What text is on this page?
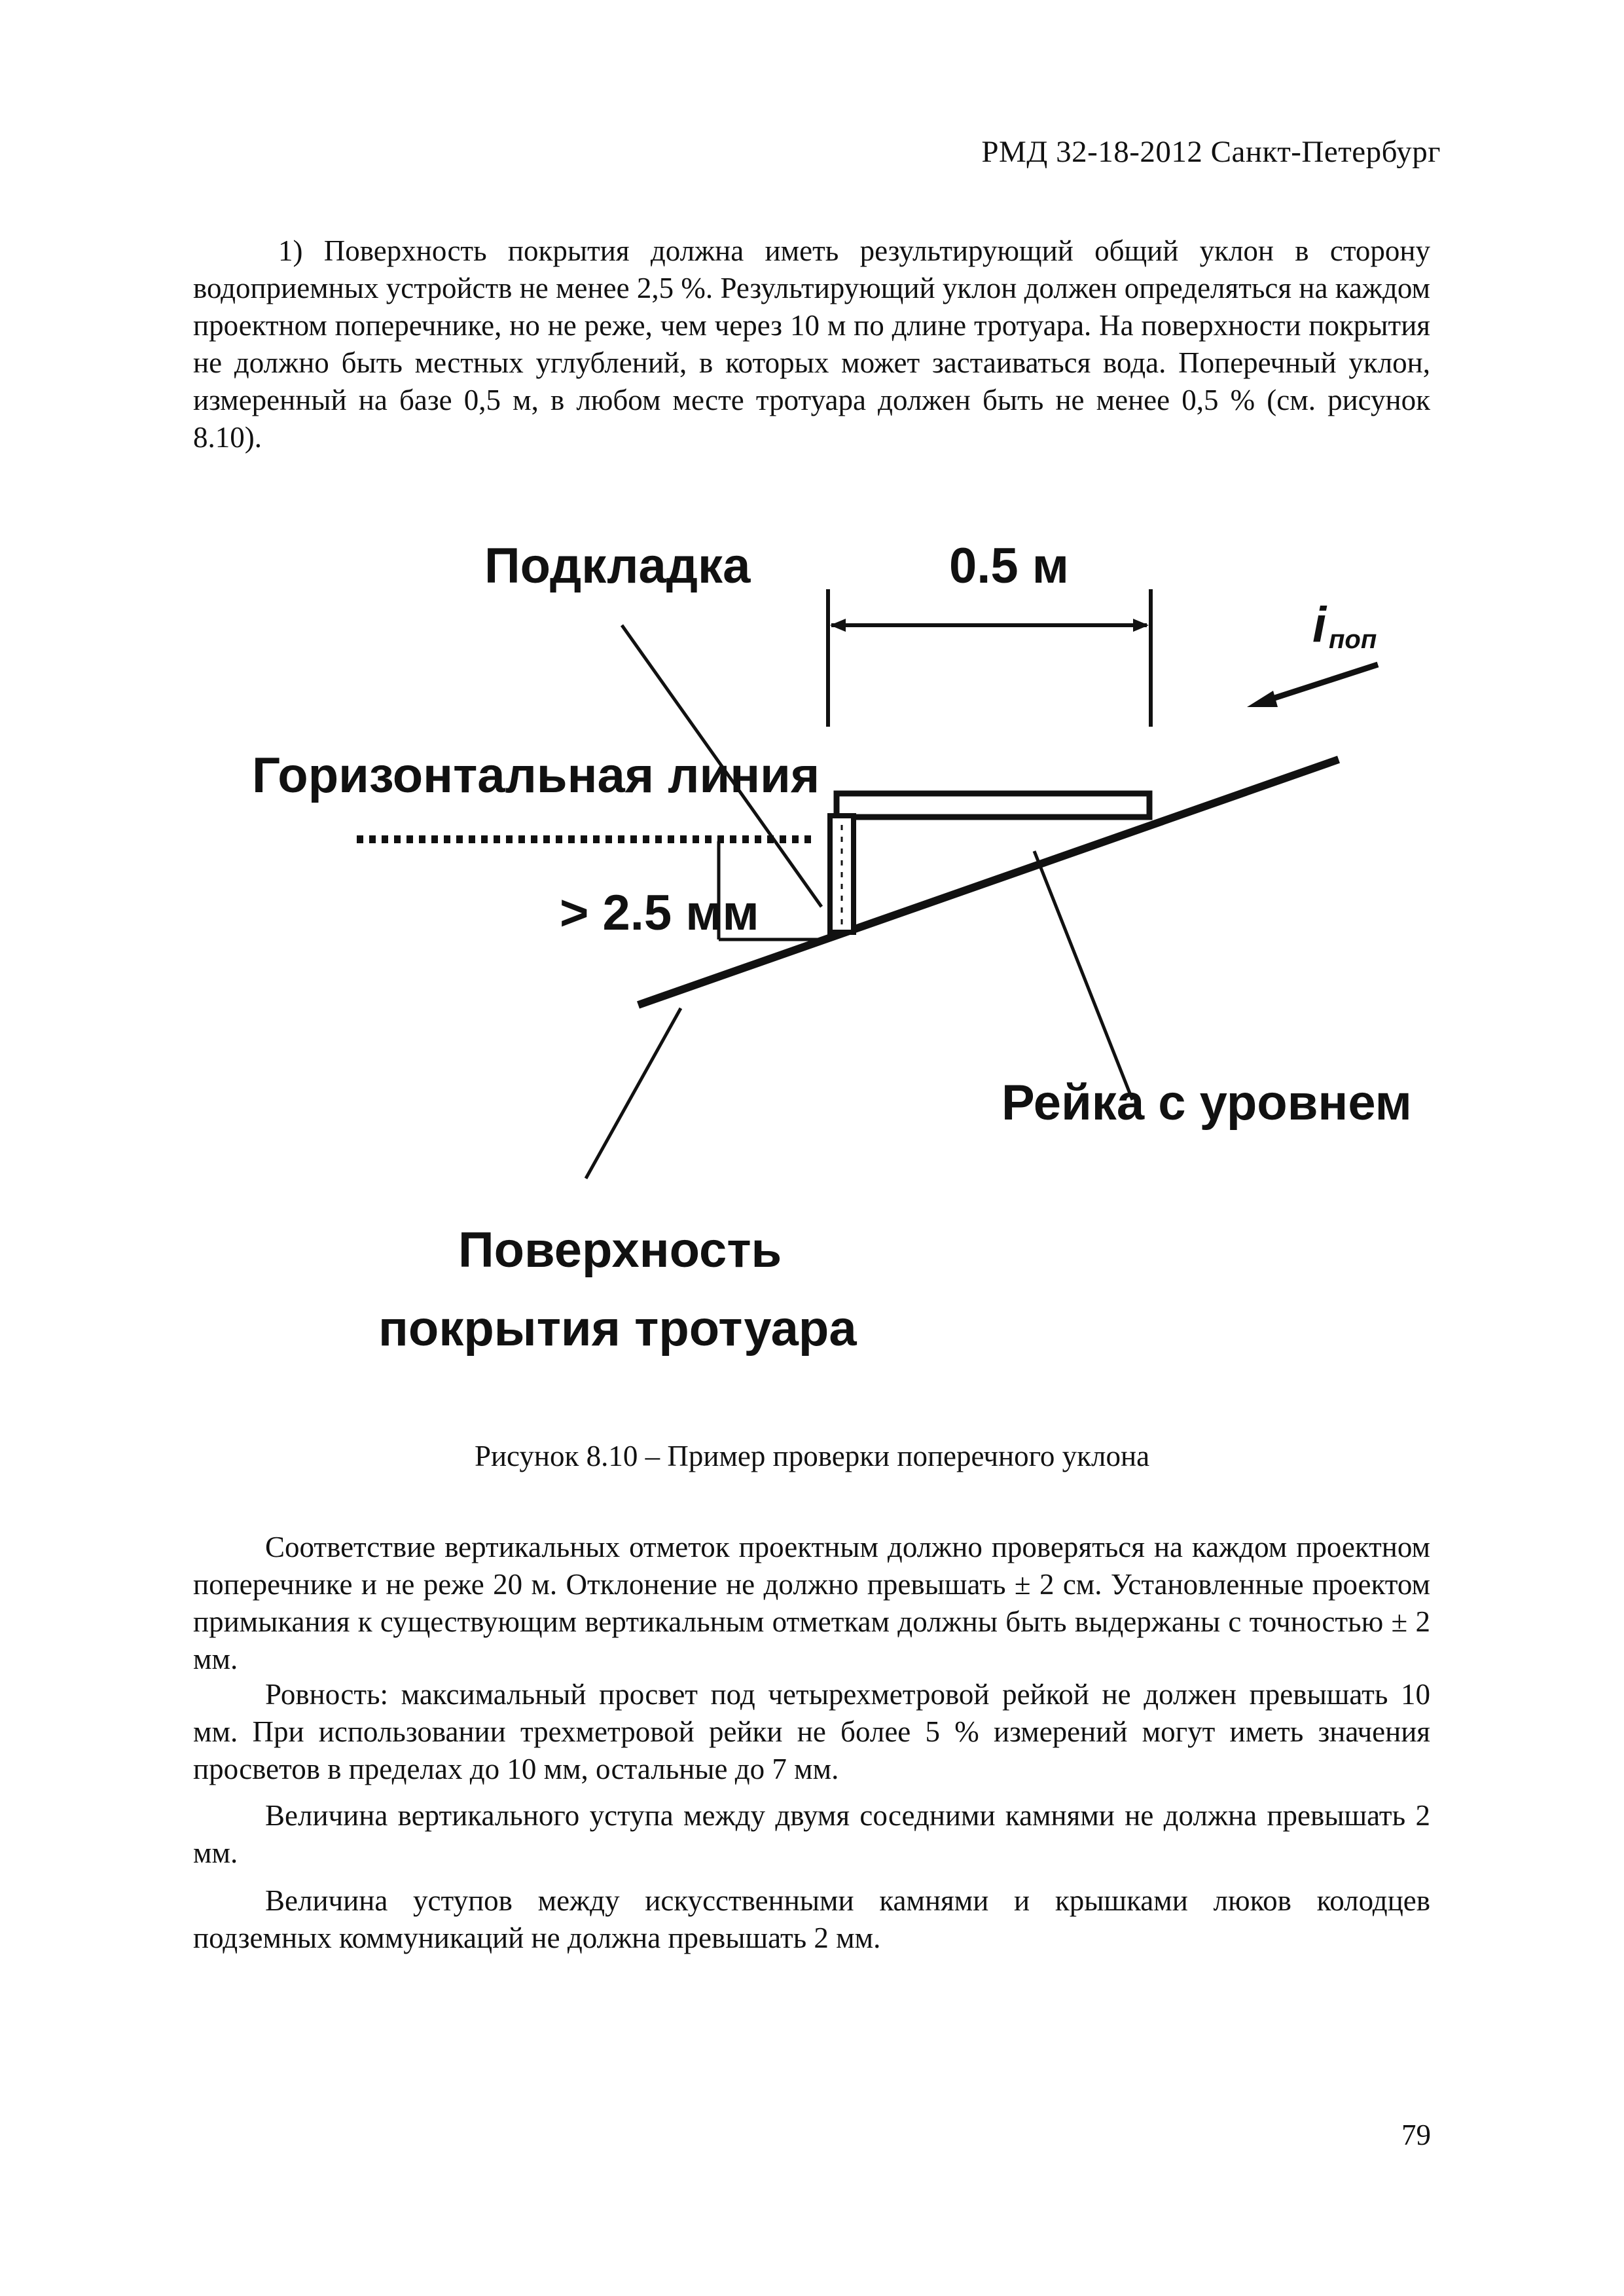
РМД 32-18-2012 Санкт-Петербург

1) Поверхность покрытия должна иметь результирующий общий уклон в сторону водоприемных устройств не менее 2,5 %. Результирующий уклон должен определяться на каждом проектном поперечнике, но не реже, чем через 10 м по длине тротуара. На поверхности покрытия не должно быть местных углублений, в которых может застаиваться вода. Поперечный уклон, измеренный на базе 0,5 м, в любом месте тротуара должен быть не менее 0,5 % (см. рисунок 8.10).

Подкладка	0.5 м
i поп
Горизонтальная линия
> 2.5 мм
Рейка с уровнем
Поверхность
покрытия тротуара
Рисунок 8.10 – Пример проверки поперечного уклона

Соответствие вертикальных отметок проектным должно проверяться на каждом проектном поперечнике и не реже 20 м. Отклонение не должно превышать ± 2 см. Установленные проектом примыкания к существующим вертикальным отметкам должны быть выдержаны с точностью ± 2 мм.

Ровность: максимальный просвет под четырехметровой рейкой не должен превышать 10 мм. При использовании трехметровой рейки не более 5 % измерений могут иметь значения просветов в пределах до 10 мм, остальные до 7 мм.

Величина вертикального уступа между двумя соседними камнями не должна превышать 2 мм.

Величина уступов между искусственными камнями и крышками люков колодцев подземных коммуникаций не должна превышать 2 мм.

79
